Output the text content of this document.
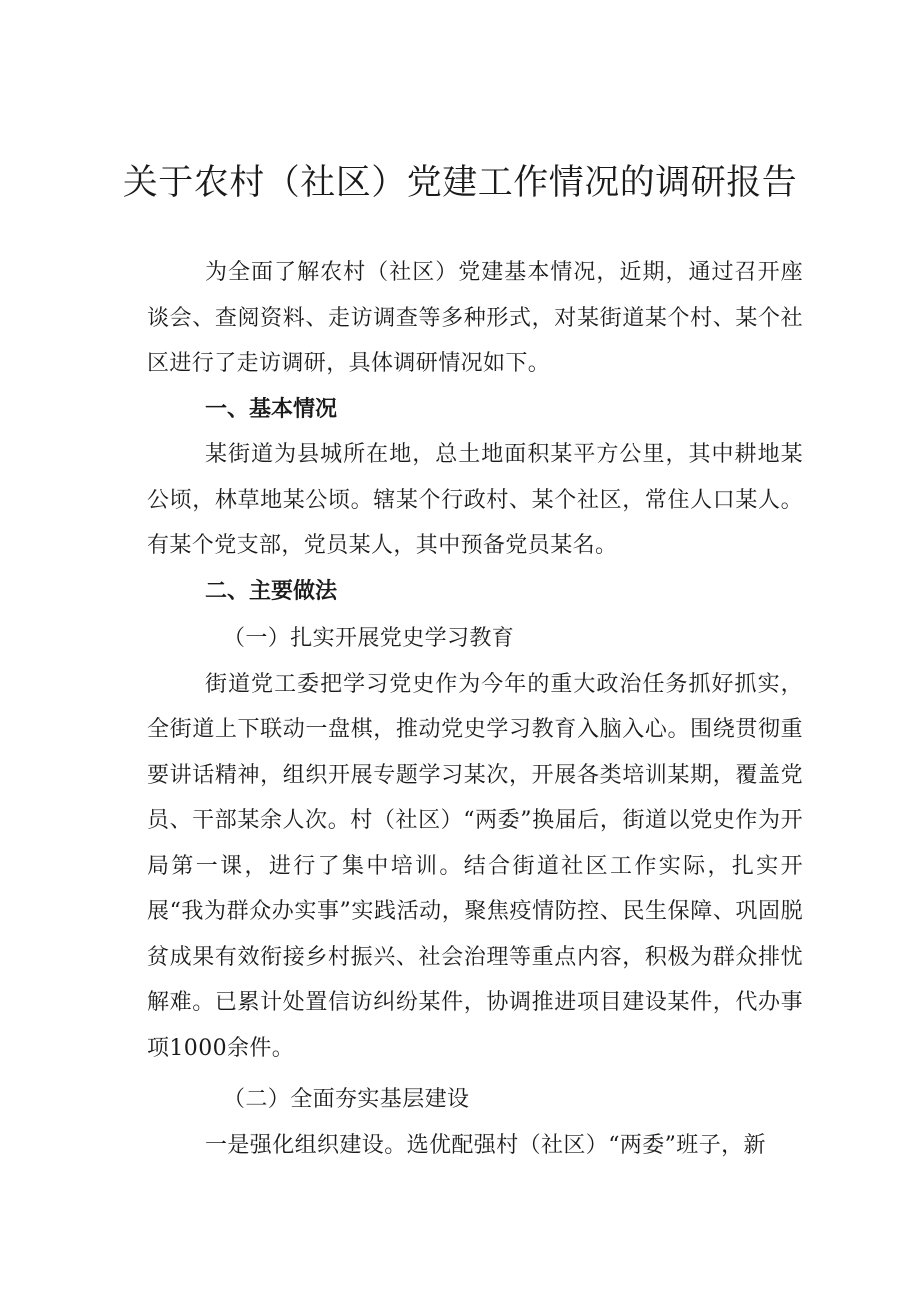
关于农村（社区）党建工作情况的调研报告

为全面了解农村（社区）党建基本情况，近期，通过召开座谈会、查阅资料、走访调查等多种形式，对某街道某个村、某个社区进行了走访调研，具体调研情况如下。

一、基本情况

某街道为县城所在地，总土地面积某平方公里，其中耕地某公顷，林草地某公顷。辖某个行政村、某个社区，常住人口某人。有某个党支部，党员某人，其中预备党员某名。

二、主要做法

（一）扎实开展党史学习教育

街道党工委把学习党史作为今年的重大政治任务抓好抓实，全街道上下联动一盘棋，推动党史学习教育入脑入心。围绕贯彻重要讲话精神，组织开展专题学习某次，开展各类培训某期，覆盖党员、干部某余人次。村（社区）“两委”换届后，街道以党史作为开局第一课，进行了集中培训。结合街道社区工作实际，扎实开展“我为群众办实事”实践活动，聚焦疫情防控、民生保障、巩固脱贫成果有效衔接乡村振兴、社会治理等重点内容，积极为群众排忧解难。已累计处置信访纠纷某件，协调推进项目建设某件，代办事项1000余件。

（二）全面夯实基层建设

一是强化组织建设。选优配强村（社区）“两委”班子，新
